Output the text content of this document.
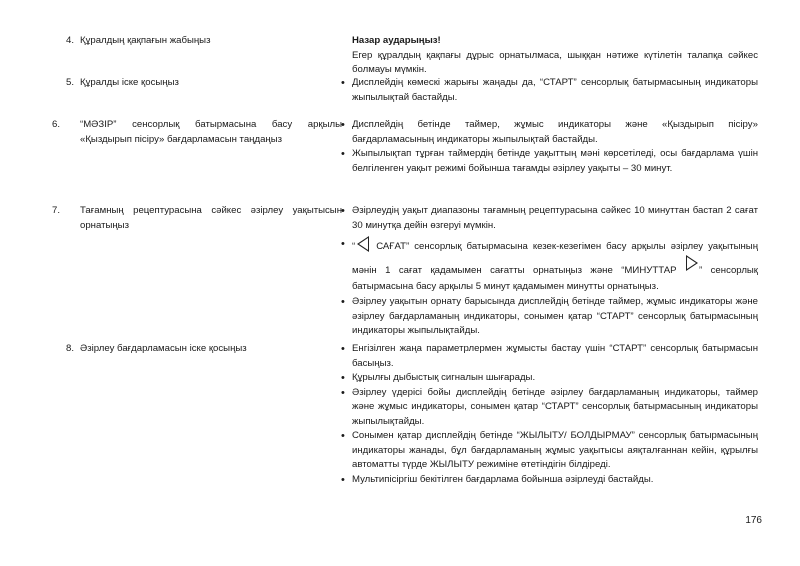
4. Құралдың қақпағын жабыңыз
5. Құралды іске қосыңыз
6. “МӘЗІР” сенсорлық батырмасына басу арқылы «Қыздырып пісіру» бағдарламасын таңдаңыз
7. Тағамның рецептурасына сәйкес әзірлеу уақытысын орнатыңыз
8. Әзірлеу бағдарламасын іске қосыңыз
Назар аударыңыз!
Егер құралдың қақпағы дұрыс орнатылмаса, шыққан нәтиже күтілетін талапқа сәйкес болмауы мүмкін.
• Дисплейдің көмескі жарығы жаңады да, “СТАРТ” сенсорлық батырмасының индикаторы жыпылықтай бастайды.
• Дисплейдің бетінде таймер, жұмыс индикаторы және «Қыздырып пісіру» бағдарламасының индикаторы жыпылықтай бастайды.
• Жыпылықтап тұрған таймердің бетінде уақыттың мәні көрсетіледі, осы бағдарлама үшін белгіленген уақыт режимі бойынша тағамды әзірлеу уақыты – 30 минут.
• Әзірлеудің уақыт диапазоны тағамның рецептурасына сәйкес 10 минуттан бастап 2 сағат 30 минутқа дейін өзгеруі мүмкін.
• “ САҒАТ” сенсорлық батырмасына кезек-кезегімен басу арқылы әзірлеу уақытының мәнін 1 сағат қадамымен сағатты орнатыңыз және “МИНУТТАР ” сенсорлық батырмасына басу арқылы 5 минут қадамымен минутты орнатыңыз.
• Әзірлеу уақытын орнату барысында дисплейдің бетінде таймер, жұмыс индикаторы және әзірлеу бағдарламаның индикаторы, сонымен қатар “СТАРТ” сенсорлық батырмасының индикаторы жыпылықтайды.
• Енгізілген жаңа параметрлермен жұмысты бастау үшін “СТАРТ” сенсорлық батырмасын басыңыз.
• Құрылғы дыбыстық сигналын шығарады.
• Әзірлеу үдерісі бойы дисплейдің бетінде әзірлеу бағдарламаның индикаторы, таймер және жұмыс индикаторы, сонымен қатар “СТАРТ” сенсорлық батырмасының индикаторы жыпылықтайды.
• Сонымен қатар дисплейдің бетінде “ЖЫЛЫТУ/ БОЛДЫРМАУ” сенсорлық батырмасының индикаторы жанады, бұл бағдарламаның жұмыс уақытысы аяқталғаннан кейін, құрылғы автоматты түрде ЖЫЛЫТУ режиміне өтетіндігін білдіреді.
• Мультипісіргіш бекітілген бағдарлама бойынша әзірлеуді бастайды.
176
